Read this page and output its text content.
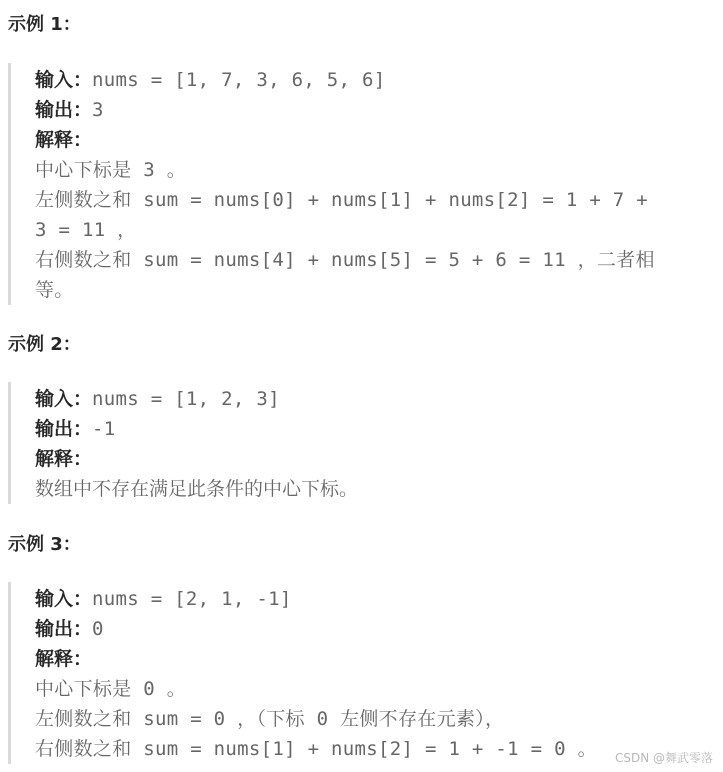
示例 1：
输入：nums = [1, 7, 3, 6, 5, 6]
输出：3
解释：
中心下标是 3 。
左侧数之和 sum = nums[0] + nums[1] + nums[2] = 1 + 7 +
3 = 11 ，
右侧数之和 sum = nums[4] + nums[5] = 5 + 6 = 11 ，二者相
等。
示例 2：
输入：nums = [1, 2, 3]
输出：-1
解释：
数组中不存在满足此条件的中心下标。
示例 3：
输入：nums = [2, 1, -1]
输出：0
解释：
中心下标是 0 。
左侧数之和 sum = 0 ，（下标 0 左侧不存在元素），
右侧数之和 sum = nums[1] + nums[2] = 1 + -1 = 0 。 CSDN @舞武零落
